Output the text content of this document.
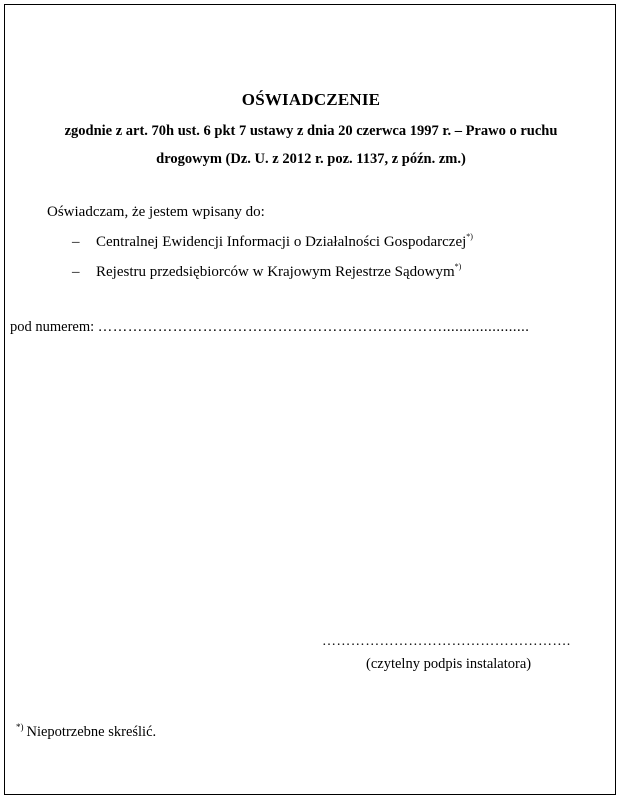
OŚWIADCZENIE
zgodnie z art. 70h ust. 6 pkt 7 ustawy z dnia 20 czerwca 1997 r. – Prawo o ruchu
drogowym (Dz. U. z 2012 r. poz. 1137, z późn. zm.)
Oświadczam, że jestem wpisany do:
– Centralnej Ewidencji Informacji o Działalności Gospodarczej*)
– Rejestru przedsiębiorców w Krajowym Rejestrze Sądowym*)
pod numerem: …………………………………………………………….....................
…………………………………………….
(czytelny podpis instalatora)
*) Niepotrzebne skreślić.
